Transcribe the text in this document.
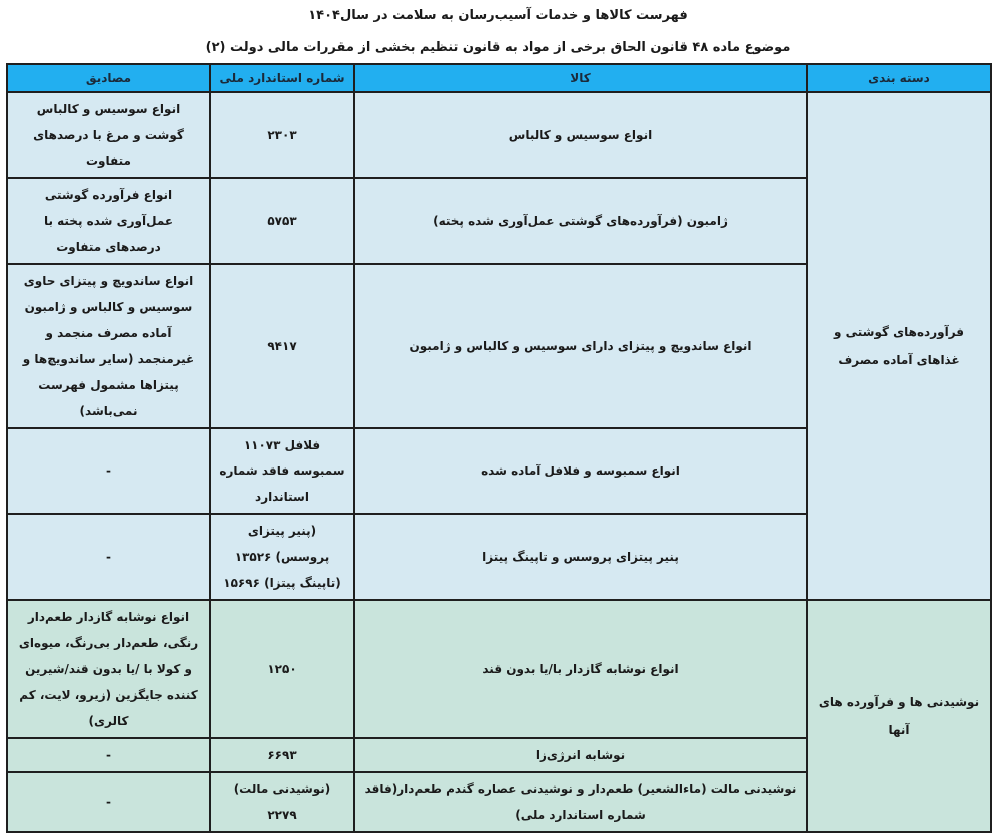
فهرست کالاها و خدمات آسیب‌رسان به سلامت در سال۱۴۰۴
موضوع ماده ۴۸ قانون الحاق برخی از مواد به قانون تنظیم بخشی از مقررات مالی دولت (۲)
دسته بندی	کالا	شماره استاندارد ملی	مصادیق
فرآورده‌های گوشتی و غذاهای آماده مصرف	انواع سوسیس و کالباس	۲۳۰۳	انواع سوسیس و کالباس گوشت و مرغ با درصدهای متفاوت
	ژامبون (فرآورده‌های گوشتی عمل‌آوری شده پخته)	۵۷۵۳	انواع فرآورده گوشتی عمل‌آوری شده پخته با درصدهای متفاوت
	انواع ساندویچ و پیتزای دارای سوسیس و کالباس و ژامبون	۹۴۱۷	انواع ساندویچ و پیتزای حاوی سوسیس و کالباس و ژامبون آماده مصرف منجمد و غیرمنجمد (سایر ساندویچ‌ها و پیتزاها مشمول فهرست نمی‌باشد)
	انواع سمبوسه و فلافل آماده شده	فلافل ۱۱۰۷۳ سمبوسه فاقد شماره استاندارد	-
	پنیر پیتزای پروسس و تاپینگ پیتزا	(پنیر پیتزای پروسس) ۱۳۵۲۶ (تاپینگ پیتزا) ۱۵۶۹۶	-
نوشیدنی ها و فرآورده های آنها	انواع نوشابه گازدار با/یا بدون قند	۱۲۵۰	انواع نوشابه گازدار طعم‌دار رنگی، طعم‌دار بی‌رنگ، میوه‌ای و کولا با /یا بدون قند/شیرین کننده جایگزین (زیرو، لایت، کم کالری)
	نوشابه انرژی‌زا	۶۶۹۳	-
	نوشیدنی مالت (ماءالشعیر) طعم‌دار و نوشیدنی عصاره گندم طعم‌دار(فاقد شماره استاندارد ملی)	(نوشیدنی مالت) ۲۲۷۹	-
